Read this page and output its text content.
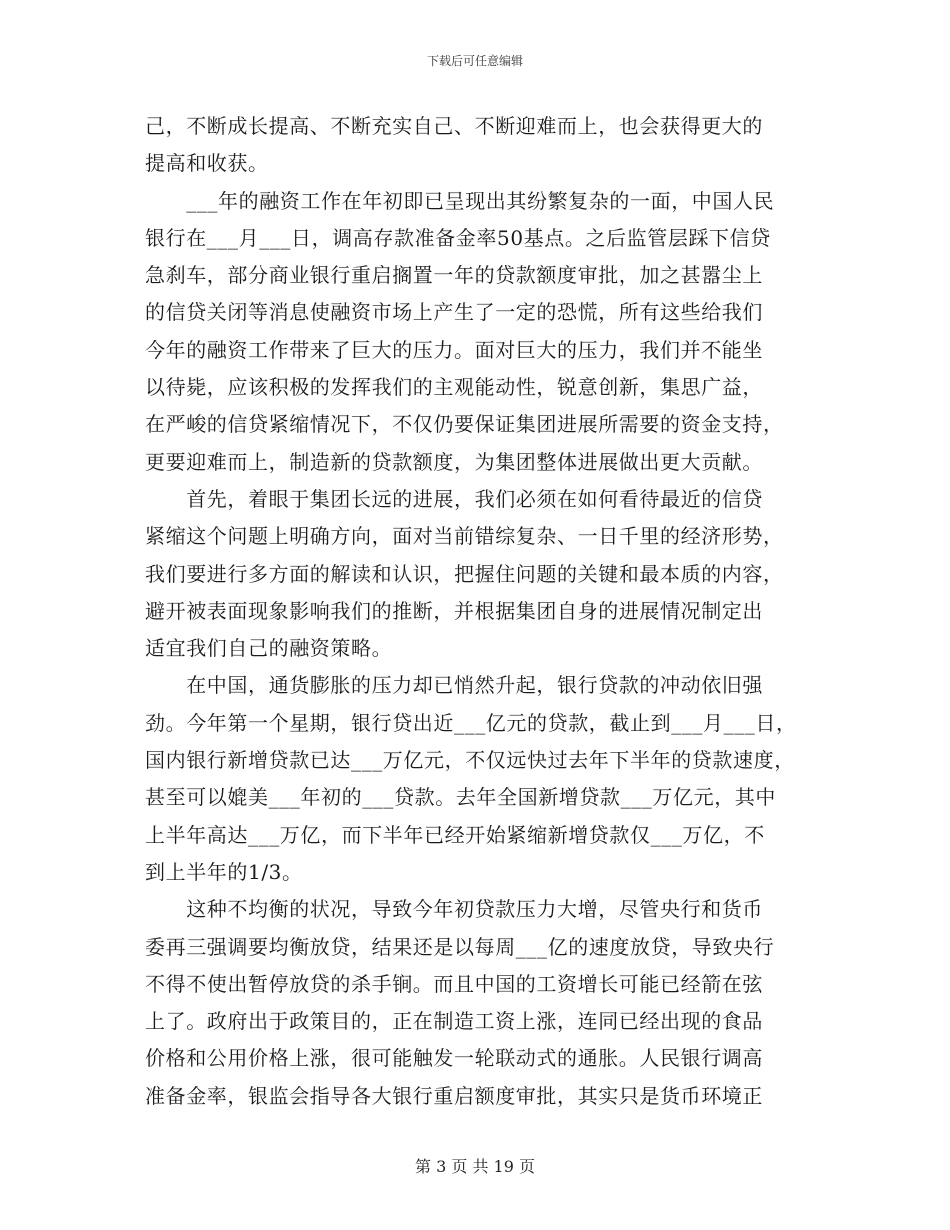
下载后可任意编辑
己，不断成长提高、不断充实自己、不断迎难而上，也会获得更大的
提高和收获。
　　___年的融资工作在年初即已呈现出其纷繁复杂的一面，中国人民
银行在___月___日，调高存款准备金率50基点。之后监管层踩下信贷
急刹车，部分商业银行重启搁置一年的贷款额度审批，加之甚嚣尘上
的信贷关闭等消息使融资市场上产生了一定的恐慌，所有这些给我们
今年的融资工作带来了巨大的压力。面对巨大的压力，我们并不能坐
以待毙，应该积极的发挥我们的主观能动性，锐意创新，集思广益，
在严峻的信贷紧缩情况下，不仅仍要保证集团进展所需要的资金支持，
更要迎难而上，制造新的贷款额度，为集团整体进展做出更大贡献。
　　首先，着眼于集团长远的进展，我们必须在如何看待最近的信贷
紧缩这个问题上明确方向，面对当前错综复杂、一日千里的经济形势，
我们要进行多方面的解读和认识，把握住问题的关键和最本质的内容，
避开被表面现象影响我们的推断，并根据集团自身的进展情况制定出
适宜我们自己的融资策略。
　　在中国，通货膨胀的压力却已悄然升起，银行贷款的冲动依旧强
劲。今年第一个星期，银行贷出近___亿元的贷款，截止到___月___日，
国内银行新增贷款已达___万亿元，不仅远快过去年下半年的贷款速度，
甚至可以媲美___年初的___贷款。去年全国新增贷款___万亿元，其中
上半年高达___万亿，而下半年已经开始紧缩新增贷款仅___万亿，不
到上半年的1/3。
　　这种不均衡的状况，导致今年初贷款压力大增，尽管央行和货币
委再三强调要均衡放贷，结果还是以每周___亿的速度放贷，导致央行
不得不使出暂停放贷的杀手锏。而且中国的工资增长可能已经箭在弦
上了。政府出于政策目的，正在制造工资上涨，连同已经出现的食品
价格和公用价格上涨，很可能触发一轮联动式的通胀。人民银行调高
准备金率，银监会指导各大银行重启额度审批，其实只是货币环境正
第 3 页 共 19 页
